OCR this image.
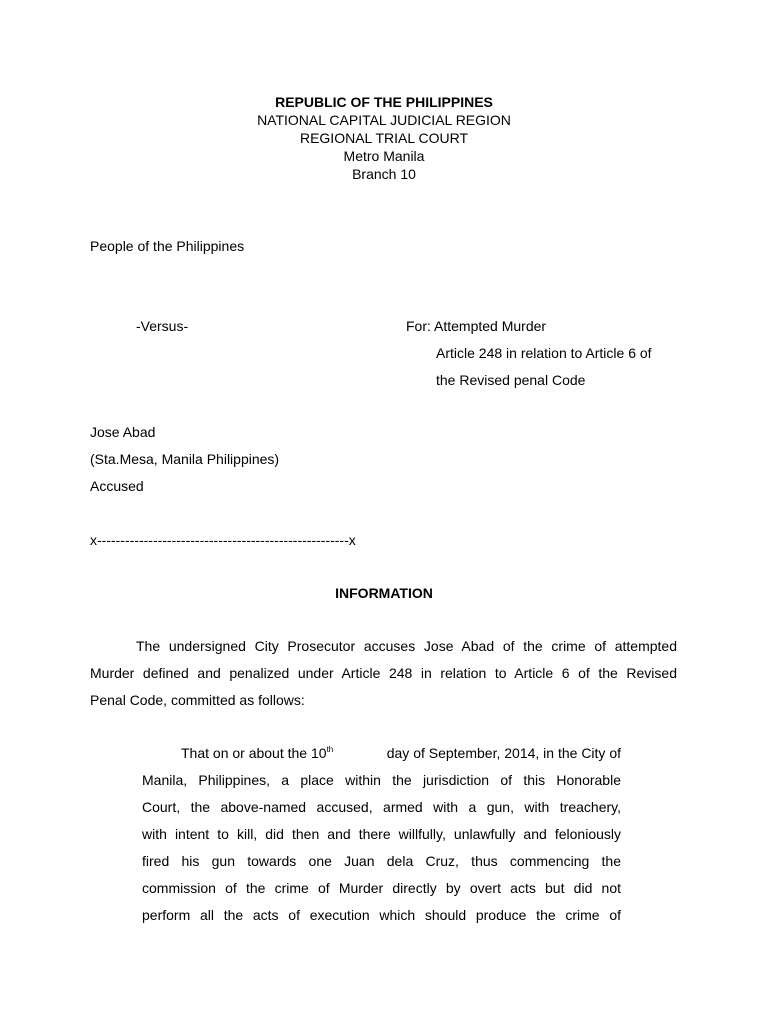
REPUBLIC OF THE PHILIPPINES
NATIONAL CAPITAL JUDICIAL REGION
REGIONAL TRIAL COURT
Metro Manila
Branch 10
People of the Philippines
-Versus-	For: Attempted Murder
Article 248 in relation to Article 6 of
the Revised penal Code
Jose Abad
(Sta.Mesa, Manila Philippines)
Accused
x------------------------------------------------------x
INFORMATION
The undersigned City Prosecutor accuses Jose Abad of the crime of attempted
Murder defined and penalized under Article 248 in relation to Article 6 of the Revised
Penal Code, committed as follows:
That on or about the 10th	day of September, 2014, in the City of
Manila, Philippines, a place within the jurisdiction of this Honorable
Court, the above-named accused, armed with a gun, with treachery,
with intent to kill, did then and there willfully, unlawfully and feloniously
fired his gun towards one Juan dela Cruz, thus commencing the
commission of the crime of Murder directly by overt acts but did not
perform all the acts of execution which should produce the crime of
